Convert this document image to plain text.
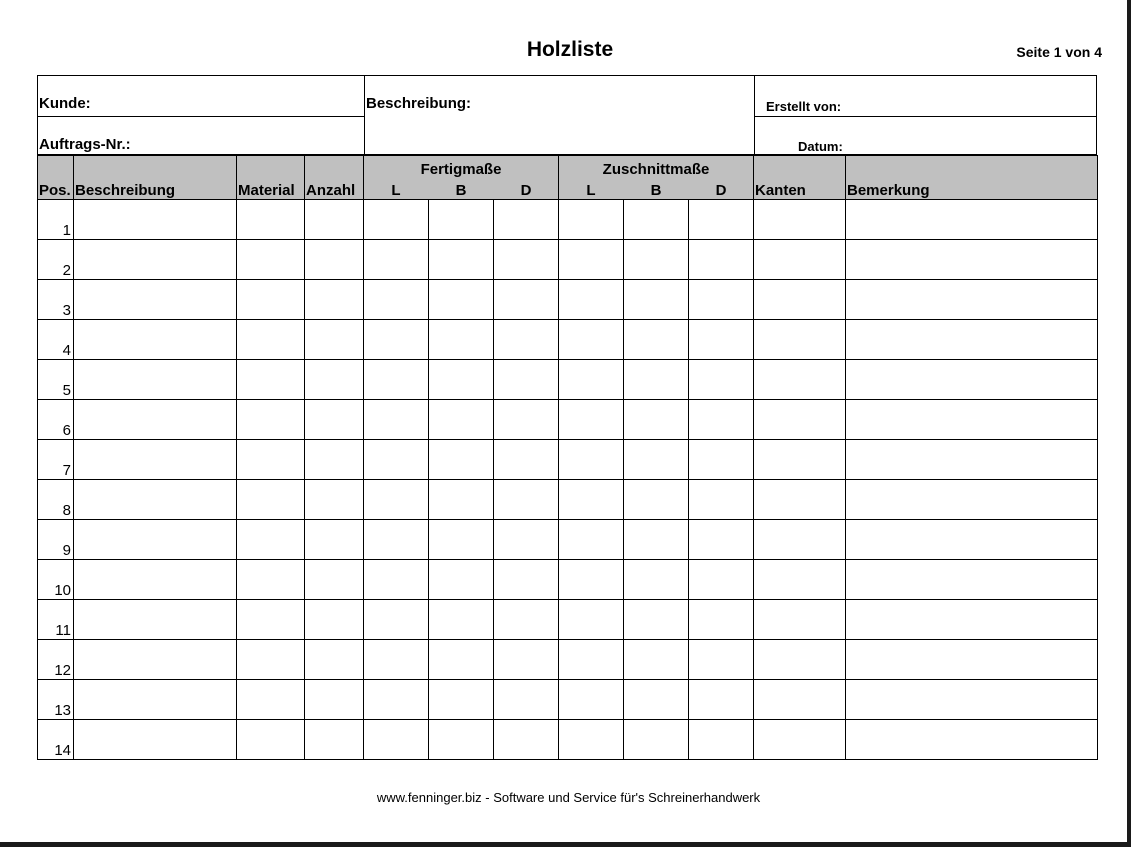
Holzliste	Seite 1 von 4
Kunde:
Auftrags-Nr.:
Beschreibung:	Erstellt von:
Datum:
Pos.	Beschreibung	Material	Anzahl	Fertigmaße			Zuschnittmaße			Kanten	Bemerkung
				L	B	D	L	B	D		
1											
2											
3											
4											
5											
6											
7											
8											
9											
10											
11											
12											
13											
14											
www.fenninger.biz - Software und Service für's Schreinerhandwerk
